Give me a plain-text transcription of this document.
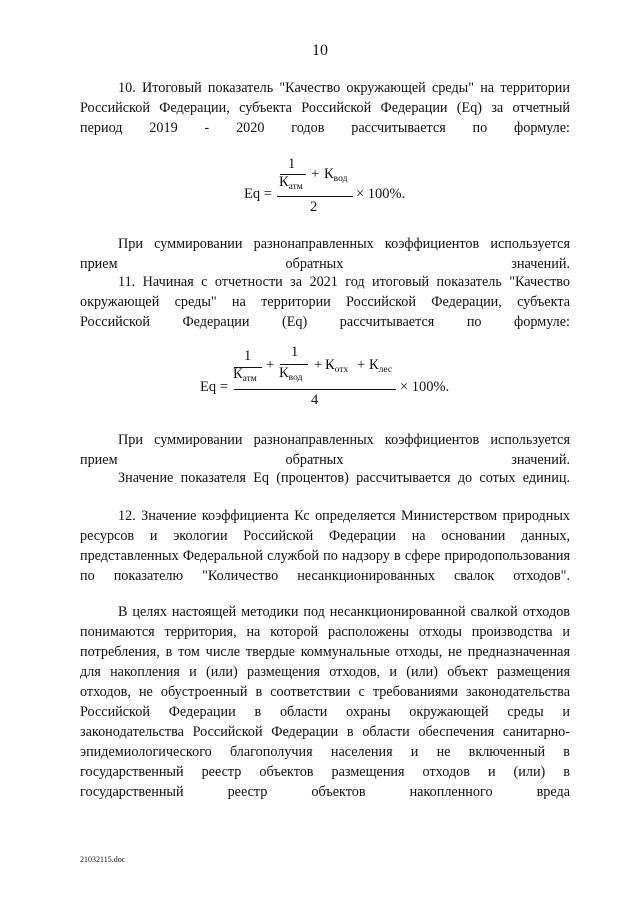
10

10. Итоговый показатель "Качество окружающей среды" на территории Российской Федерации, субъекта Российской Федерации (Eq) за отчетный период 2019 - 2020 годов рассчитывается по формуле:

Eq =
1
$К_{атм}$
+ $К_{вод}$
2
× 100%.

При суммировании разнонаправленных коэффициентов используется прием обратных значений.

11. Начиная с отчетности за 2021 год итоговый показатель "Качество окружающей среды" на территории Российской Федерации, субъекта Российской Федерации (Eq) рассчитывается по формуле:

Eq =
1
$К_{атм}$
+
1
$К_{вод}$
+ $К_{отх} + К_{лес}$
4
× 100%.

При суммировании разнонаправленных коэффициентов используется прием обратных значений.

Значение показателя Eq (процентов) рассчитывается до сотых единиц.

12. Значение коэффициента Кс определяется Министерством природных ресурсов и экологии Российской Федерации на основании данных, представленных Федеральной службой по надзору в сфере природопользования по показателю "Количество несанкционированных свалок отходов".

В целях настоящей методики под несанкционированной свалкой отходов понимаются территория, на которой расположены отходы производства и потребления, в том числе твердые коммунальные отходы, не предназначенная для накопления и (или) размещения отходов, и (или) объект размещения отходов, не обустроенный в соответствии с требованиями законодательства Российской Федерации в области охраны окружающей среды и законодательства Российской Федерации в области обеспечения санитарно-эпидемиологического благополучия населения и не включенный в государственный реестр объектов размещения отходов и (или) в государственный реестр объектов накопленного вреда

21032115.doc
